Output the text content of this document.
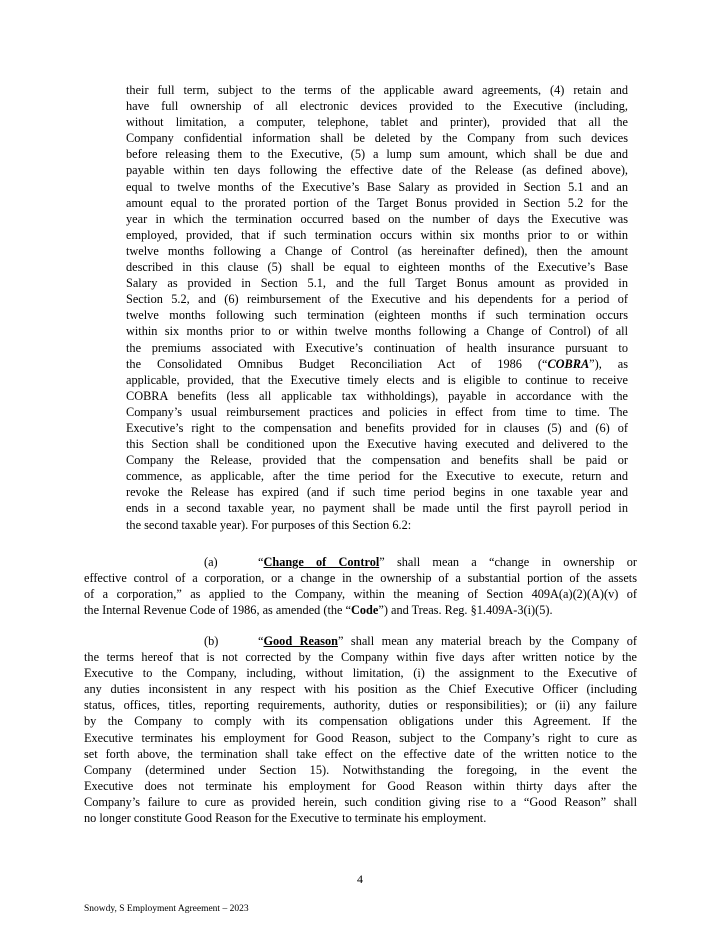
their full term, subject to the terms of the applicable award agreements, (4) retain and
have full ownership of all electronic devices provided to the Executive (including,
without limitation, a computer, telephone, tablet and printer), provided that all the
Company confidential information shall be deleted by the Company from such devices
before releasing them to the Executive, (5) a lump sum amount, which shall be due and
payable within ten days following the effective date of the Release (as defined above),
equal to twelve months of the Executive’s Base Salary as provided in Section 5.1 and an
amount equal to the prorated portion of the Target Bonus provided in Section 5.2 for the
year in which the termination occurred based on the number of days the Executive was
employed, provided, that if such termination occurs within six months prior to or within
twelve months following a Change of Control (as hereinafter defined), then the amount
described in this clause (5) shall be equal to eighteen months of the Executive’s Base
Salary as provided in Section 5.1, and the full Target Bonus amount as provided in
Section 5.2, and (6) reimbursement of the Executive and his dependents for a period of
twelve months following such termination (eighteen months if such termination occurs
within six months prior to or within twelve months following a Change of Control) of all
the premiums associated with Executive’s continuation of health insurance pursuant to
the Consolidated Omnibus Budget Reconciliation Act of 1986 (“COBRA”), as
applicable, provided, that the Executive timely elects and is eligible to continue to receive
COBRA benefits (less all applicable tax withholdings), payable in accordance with the
Company’s usual reimbursement practices and policies in effect from time to time. The
Executive’s right to the compensation and benefits provided for in clauses (5) and (6) of
this Section shall be conditioned upon the Executive having executed and delivered to the
Company the Release, provided that the compensation and benefits shall be paid or
commence, as applicable, after the time period for the Executive to execute, return and
revoke the Release has expired (and if such time period begins in one taxable year and
ends in a second taxable year, no payment shall be made until the first payroll period in
the second taxable year). For purposes of this Section 6.2:
(a)	“Change of Control” shall mean a “change in ownership or
effective control of a corporation, or a change in the ownership of a substantial portion of the assets
of a corporation,” as applied to the Company, within the meaning of Section 409A(a)(2)(A)(v) of
the Internal Revenue Code of 1986, as amended (the “Code”) and Treas. Reg. §1.409A-3(i)(5).
(b)	“Good Reason” shall mean any material breach by the Company of
the terms hereof that is not corrected by the Company within five days after written notice by the
Executive to the Company, including, without limitation, (i) the assignment to the Executive of
any duties inconsistent in any respect with his position as the Chief Executive Officer (including
status, offices, titles, reporting requirements, authority, duties or responsibilities); or (ii) any failure
by the Company to comply with its compensation obligations under this Agreement. If the
Executive terminates his employment for Good Reason, subject to the Company’s right to cure as
set forth above, the termination shall take effect on the effective date of the written notice to the
Company (determined under Section 15). Notwithstanding the foregoing, in the event the
Executive does not terminate his employment for Good Reason within thirty days after the
Company’s failure to cure as provided herein, such condition giving rise to a “Good Reason” shall
no longer constitute Good Reason for the Executive to terminate his employment.
4
Snowdy, S Employment Agreement – 2023
